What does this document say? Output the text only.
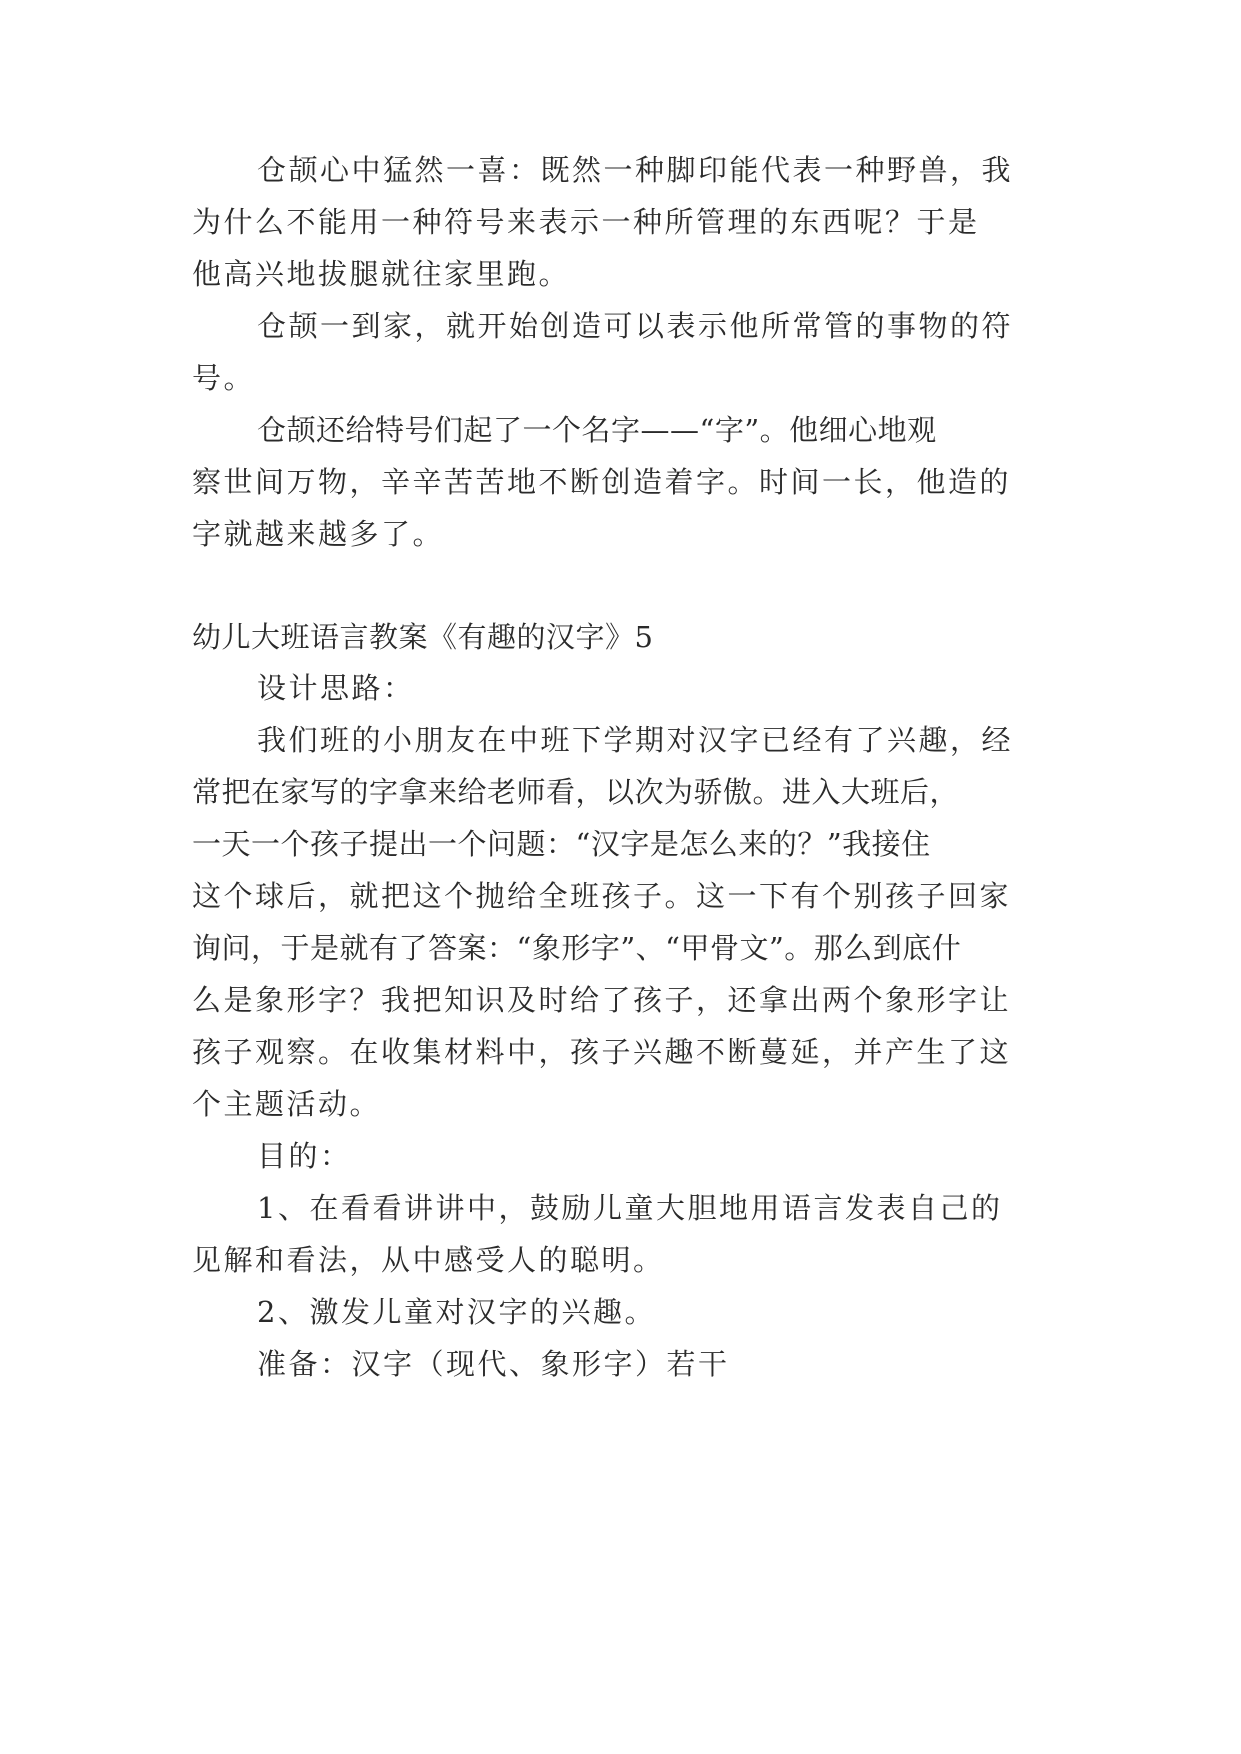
仓颉心中猛然一喜：既然一种脚印能代表一种野兽，我
为什么不能用一种符号来表示一种所管理的东西呢？于是
他高兴地拔腿就往家里跑。
仓颉一到家，就开始创造可以表示他所常管的事物的符
号。
仓颉还给特号们起了一个名字——“字”。他细心地观
察世间万物，辛辛苦苦地不断创造着字。时间一长，他造的
字就越来越多了。
幼儿大班语言教案《有趣的汉字》5
设计思路：
我们班的小朋友在中班下学期对汉字已经有了兴趣，经
常把在家写的字拿来给老师看，以次为骄傲。进入大班后，
一天一个孩子提出一个问题：“汉字是怎么来的？”我接住
这个球后，就把这个抛给全班孩子。这一下有个别孩子回家
询问，于是就有了答案：“象形字”、“甲骨文”。那么到底什
么是象形字？我把知识及时给了孩子，还拿出两个象形字让
孩子观察。在收集材料中，孩子兴趣不断蔓延，并产生了这
个主题活动。
目的：
1、在看看讲讲中，鼓励儿童大胆地用语言发表自己的
见解和看法，从中感受人的聪明。
2、激发儿童对汉字的兴趣。
准备：汉字（现代、象形字）若干
